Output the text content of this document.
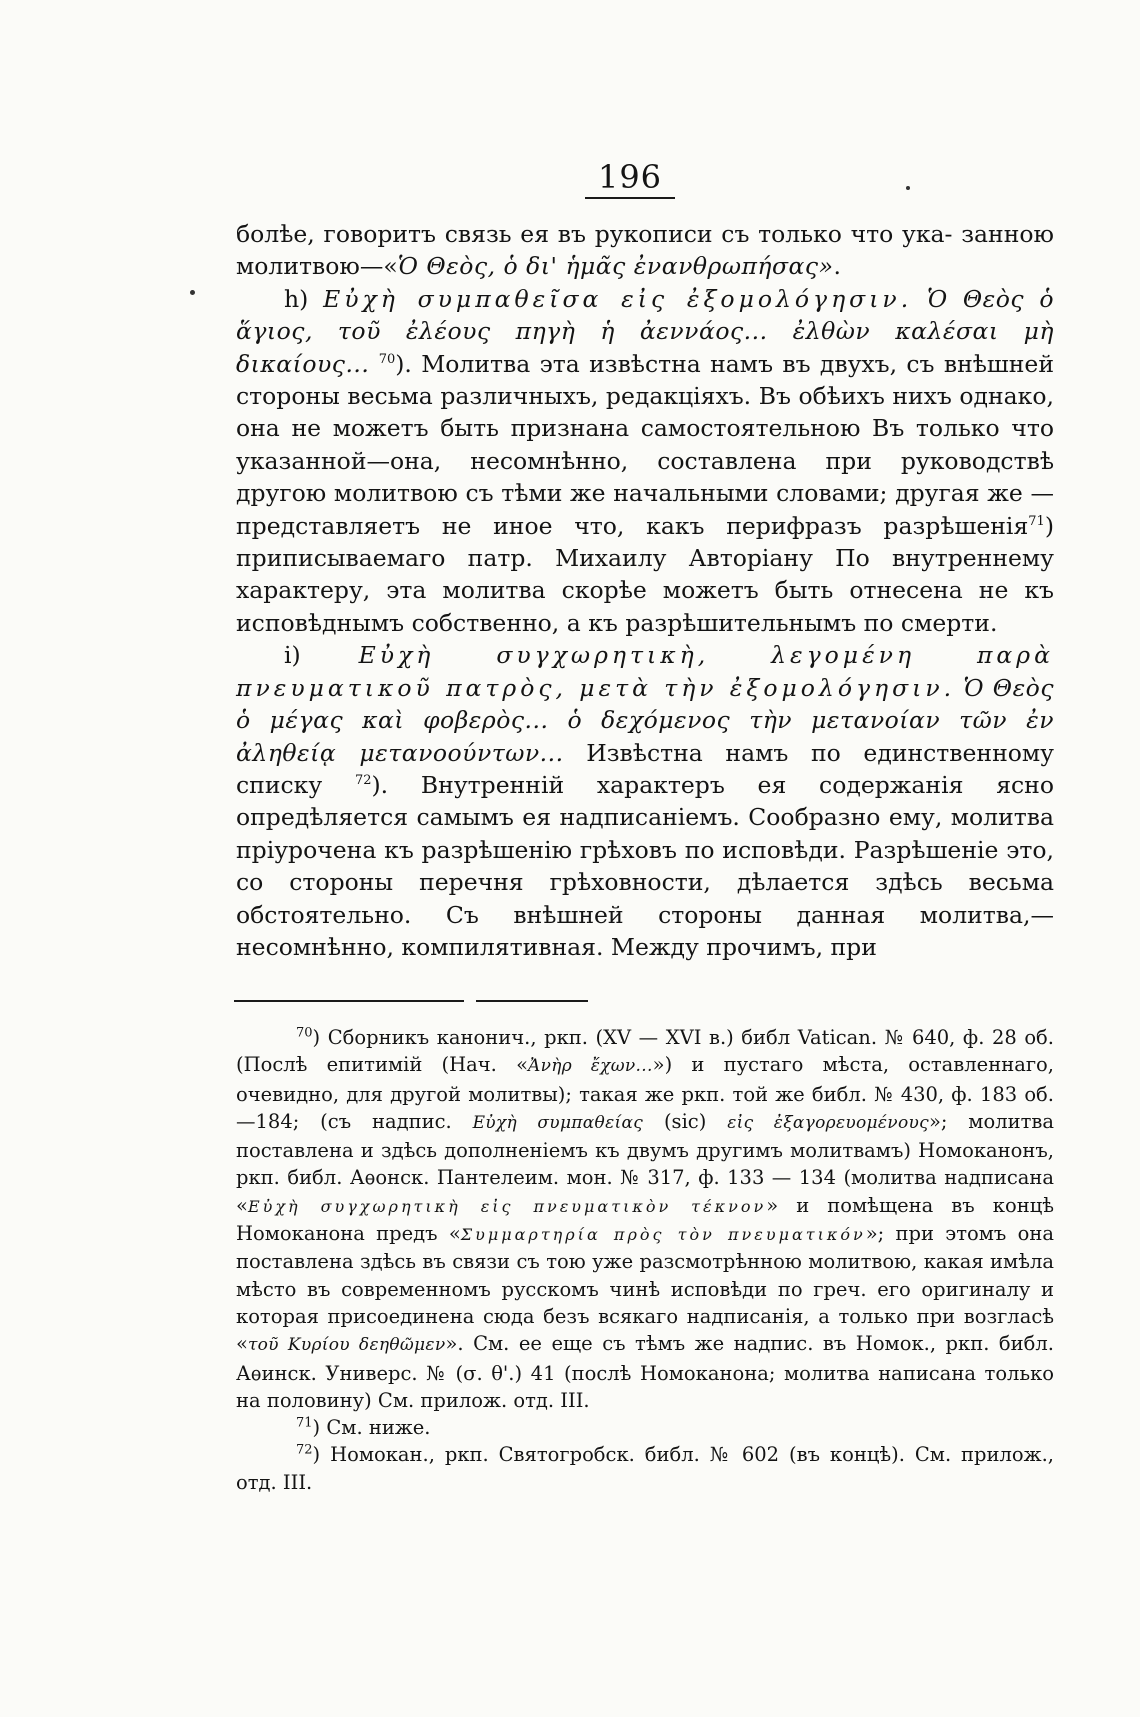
196

болѣе, говоритъ связь ея въ рукописи съ только что ука- занною молитвою—«Ὁ Θεὸς, ὁ δι' ἡμᾶς ἐνανθρωπήσας».

h) Εὐχὴ συμπαθεῖσα εἰς ἐξομολόγησιν. Ὁ Θεὸς ὁ ἅγιος, τοῦ ἐλέους πηγὴ ἡ ἀεννάος... ἐλθὼν καλέσαι μὴ δικαίους... $^{70}$). Молитва эта извѣстна намъ въ двухъ, съ внѣшней стороны весьма различныхъ, редакціяхъ. Въ обѣихъ нихъ однако, она не можетъ быть признана самостоятельною Въ только что указанной—она, несомнѣнно, составлена при руководствѣ другою молитвою съ тѣми же начальными словами; другая же — представляетъ не иное что, какъ перифразъ разрѣшенія$^{71}$) приписываемаго патр. Михаилу Авторіану По внутреннему характеру, эта молитва скорѣе можетъ быть отнесена не къ исповѣднымъ собственно, а къ разрѣшительнымъ по смерти.

i) Εὐχὴ συγχωρητικὴ, λεγομένη παρὰ πνευματικοῦ πατρὸς, μετὰ τὴν ἐξομολόγησιν. Ὁ Θεὸς ὁ μέγας καὶ φοβερὸς... ὁ δεχόμενος τὴν μετανοίαν τῶν ἐν ἀληθείᾳ μετανοούντων... Извѣстна намъ по единственному списку	$^{72}$). Внутренній характеръ ея содержанія ясно опредѣляется самымъ ея надписаніемъ. Сообразно ему, молитва пріурочена къ разрѣшенію грѣховъ по исповѣди. Разрѣшеніе это, со стороны перечня грѣховности, дѣлается здѣсь весьма обстоятельно. Съ внѣшней стороны данная молитва,—несомнѣнно, компилятивная. Между прочимъ, при

$^{70}$) Сборникъ канонич., ркп. (XV — XVI в.) библ Vatican. № 640, ф. 28 об.(Послѣ епитимій (Нач. «Ἀνὴρ ἔχων...») и пустаго мѣста, оставленнаго, очевидно, для другой молитвы); такая же ркп. той же библ. № 430, ф. 183 об.—184; (съ надпис. Εὐχὴ συμπαθείας (sic) εἰς ἐξαγορευομένους»; молитва поставлена и здѣсь дополненіемъ къ двумъ другимъ молитвамъ) Номоканонъ, ркп. библ. Аѳонск. Пантелеим. мон. № 317, ф. 133 — 134 (молитва надписана «Εὐχὴ συγχωρητικὴ εἰς πνευματικὸν τέκνον» и помѣщена въ концѣ Номоканона предъ «Συμμαρτηρία πρὸς τὸν πνευματικόν»; при этомъ она поставлена здѣсь въ связи съ тою уже разсмотрѣнною молитвою, какая имѣла мѣсто въ современномъ русскомъ чинѣ исповѣди по греч. его оригиналу и которая присоединена сюда безъ всякаго надписанія, а только при возгласѣ «τοῦ Κυρίου δεηθῶμεν». См. ее еще съ тѣмъ же надпис. въ Номок., ркп. библ. Аѳинск. Универс. № (σ. θ'.) 41 (послѣ Номоканона; молитва написана только на половину) См. прилож. отд. III.

$^{71}$) См. ниже.

$^{72}$) Номокан., ркп. Святогробск. библ. № 602 (въ концѣ). См. прилож., отд. III.
